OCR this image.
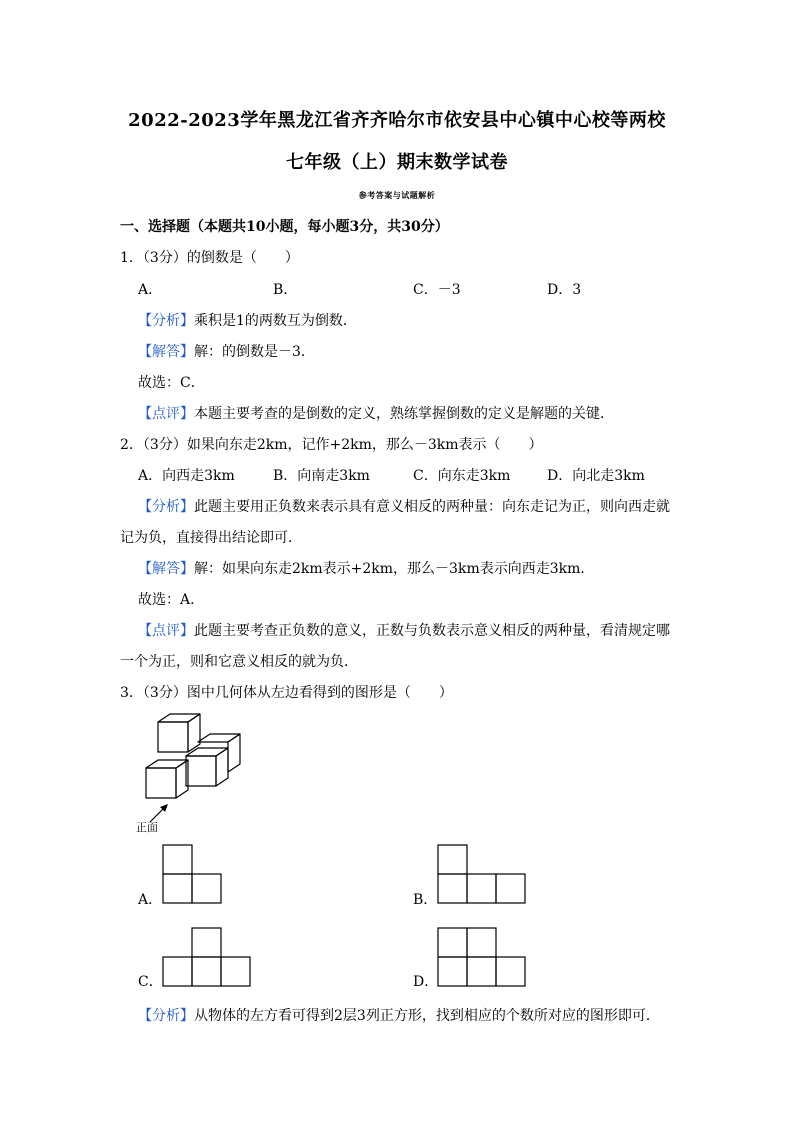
2022-2023学年黑龙江省齐齐哈尔市依安县中心镇中心校等两校
七年级（上）期末数学试卷
参考答案与试题解析
一、选择题（本题共10小题，每小题3分，共30分）
1．（3分）的倒数是（　　）
A．	B．	C．－3	D．3
【分析】乘积是1的两数互为倒数．
【解答】解：的倒数是－3．
故选：C．
【点评】本题主要考查的是倒数的定义，熟练掌握倒数的定义是解题的关键．
2．（3分）如果向东走2km，记作+2km，那么－3km表示（　　）
A．向西走3km	B．向南走3km	C．向东走3km	D．向北走3km
【分析】此题主要用正负数来表示具有意义相反的两种量：向东走记为正，则向西走就
记为负，直接得出结论即可．
【解答】解：如果向东走2km表示+2km，那么－3km表示向西走3km．
故选：A．
【点评】此题主要考查正负数的意义，正数与负数表示意义相反的两种量，看清规定哪
一个为正，则和它意义相反的就为负．
3．（3分）图中几何体从左边看得到的图形是（　　）
正面
A．	B．
C．	D．
【分析】从物体的左方看可得到2层3列正方形，找到相应的个数所对应的图形即可．
